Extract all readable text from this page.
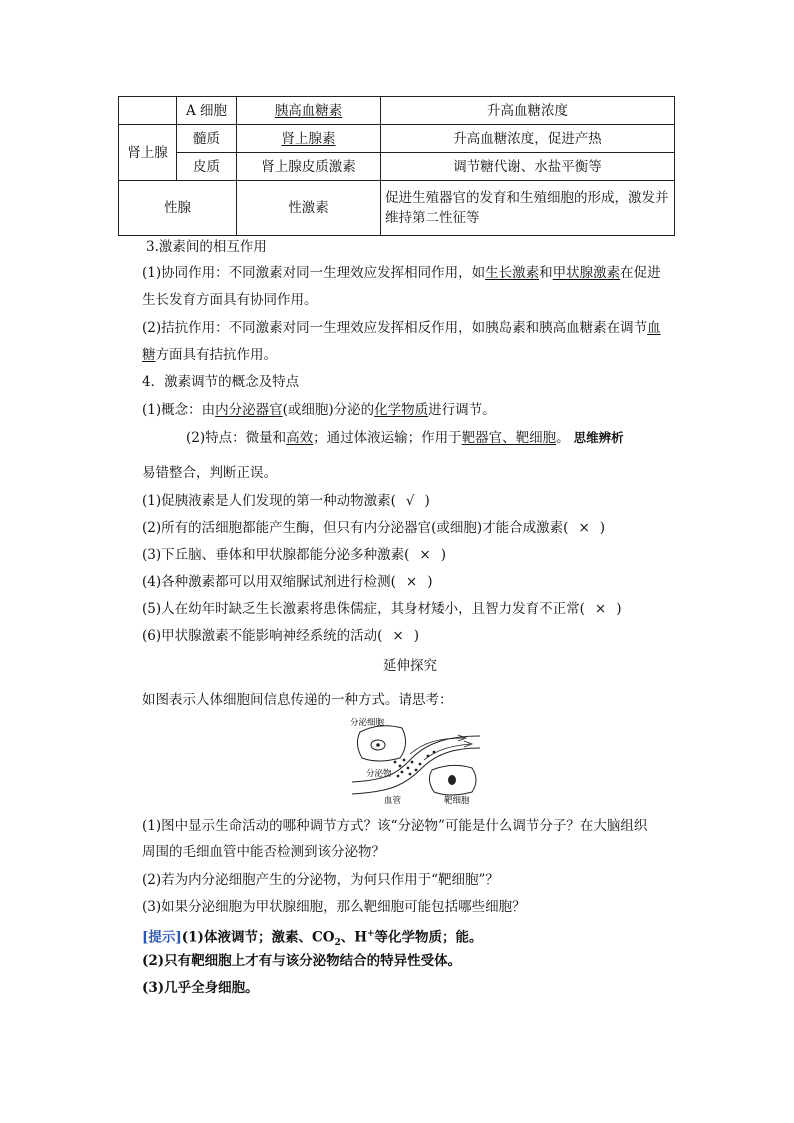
	A 细胞	胰高血糖素	升高血糖浓度
肾上腺	髓质	肾上腺素	升高血糖浓度，促进产热
	皮质	肾上腺皮质激素	调节糖代谢、水盐平衡等
性腺		性激素	促进生殖器官的发育和生殖细胞的形成，激发并维持第二性征等
3.激素间的相互作用
(1)协同作用：不同激素对同一生理效应发挥相同作用，如生长激素和甲状腺激素在促进
生长发育方面具有协同作用。
(2)拮抗作用：不同激素对同一生理效应发挥相反作用，如胰岛素和胰高血糖素在调节血
糖方面具有拮抗作用。
4．激素调节的概念及特点
(1)概念：由内分泌器官(或细胞)分泌的化学物质进行调节。
(2)特点：微量和高效；通过体液运输；作用于靶器官、靶细胞。 思维辨析
易错整合，判断正误。
(1)促胰液素是人们发现的第一种动物激素( √ )
(2)所有的活细胞都能产生酶，但只有内分泌器官(或细胞)才能合成激素( × )
(3)下丘脑、垂体和甲状腺都能分泌多种激素( × )
(4)各种激素都可以用双缩脲试剂进行检测( × )
(5)人在幼年时缺乏生长激素将患侏儒症，其身材矮小，且智力发育不正常( × )
(6)甲状腺激素不能影响神经系统的活动( × )
延伸探究
如图表示人体细胞间信息传递的一种方式。请思考：
分泌细胞
分泌物
血管	靶细胞
(1)图中显示生命活动的哪种调节方式？该“分泌物”可能是什么调节分子？在大脑组织
周围的毛细血管中能否检测到该分泌物？
(2)若为内分泌细胞产生的分泌物，为何只作用于“靶细胞”？
(3)如果分泌细胞为甲状腺细胞，那么靶细胞可能包括哪些细胞？
[提示](1)体液调节；激素、$CO_2$、H+等化学物质；能。
(2)只有靶细胞上才有与该分泌物结合的特异性受体。
(3)几乎全身细胞。
